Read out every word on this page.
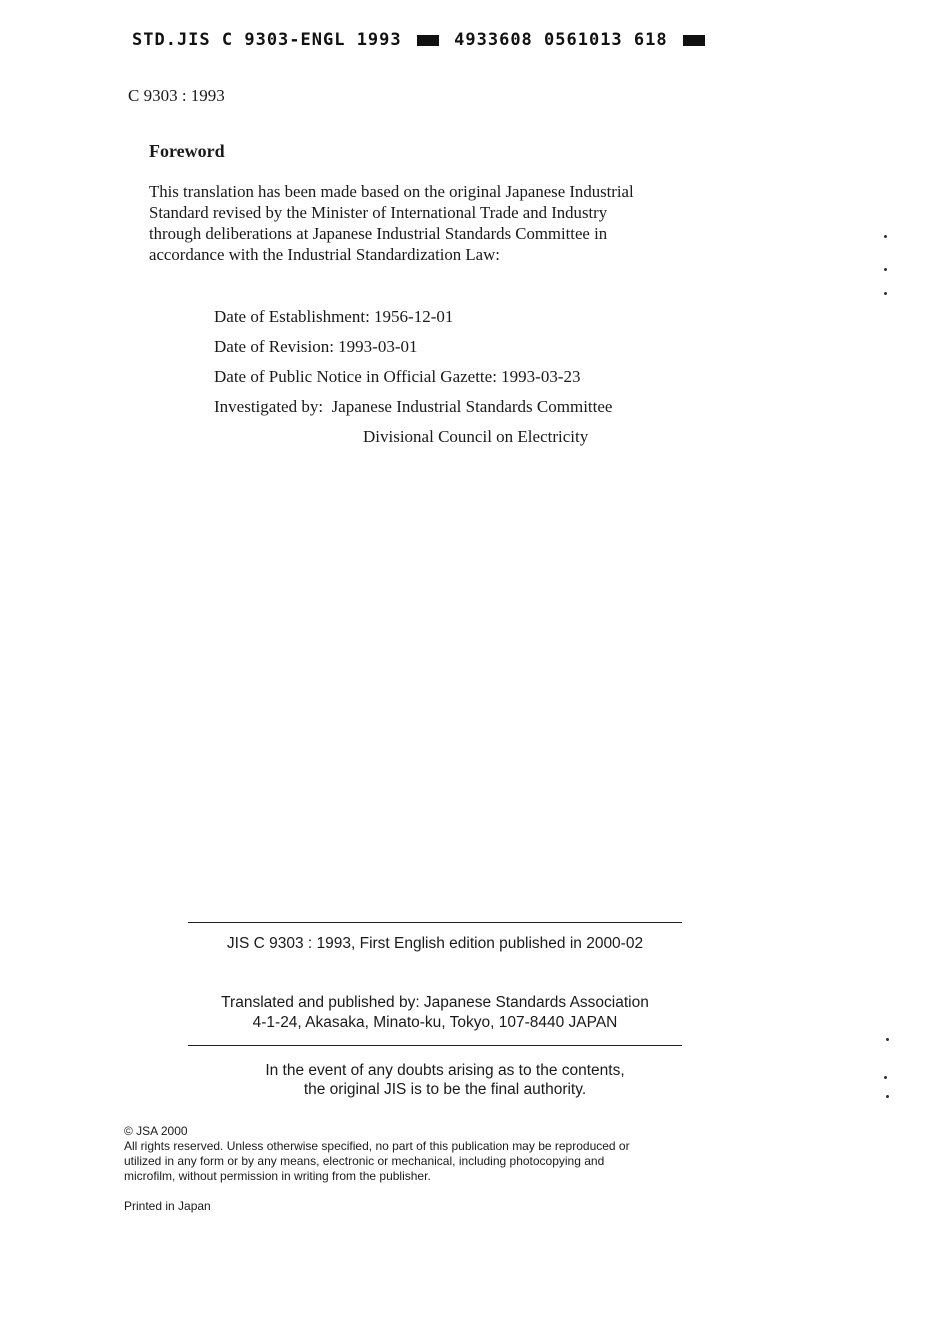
STD.JIS C 9303-ENGL 1993	4933608 0561013 618
C 9303 : 1993
Foreword
This translation has been made based on the original Japanese Industrial
Standard revised by the Minister of International Trade and Industry
through deliberations at Japanese Industrial Standards Committee in
accordance with the Industrial Standardization Law:
Date of Establishment: 1956-12-01
Date of Revision: 1993-03-01
Date of Public Notice in Official Gazette: 1993-03-23
Investigated by: Japanese Industrial Standards Committee
Divisional Council on Electricity
JIS C 9303 : 1993, First English edition published in 2000-02
Translated and published by: Japanese Standards Association
4-1-24, Akasaka, Minato-ku, Tokyo, 107-8440 JAPAN
In the event of any doubts arising as to the contents,
the original JIS is to be the final authority.
© JSA 2000
All rights reserved. Unless otherwise specified, no part of this publication may be reproduced or
utilized in any form or by any means, electronic or mechanical, including photocopying and
microfilm, without permission in writing from the publisher.
Printed in Japan
